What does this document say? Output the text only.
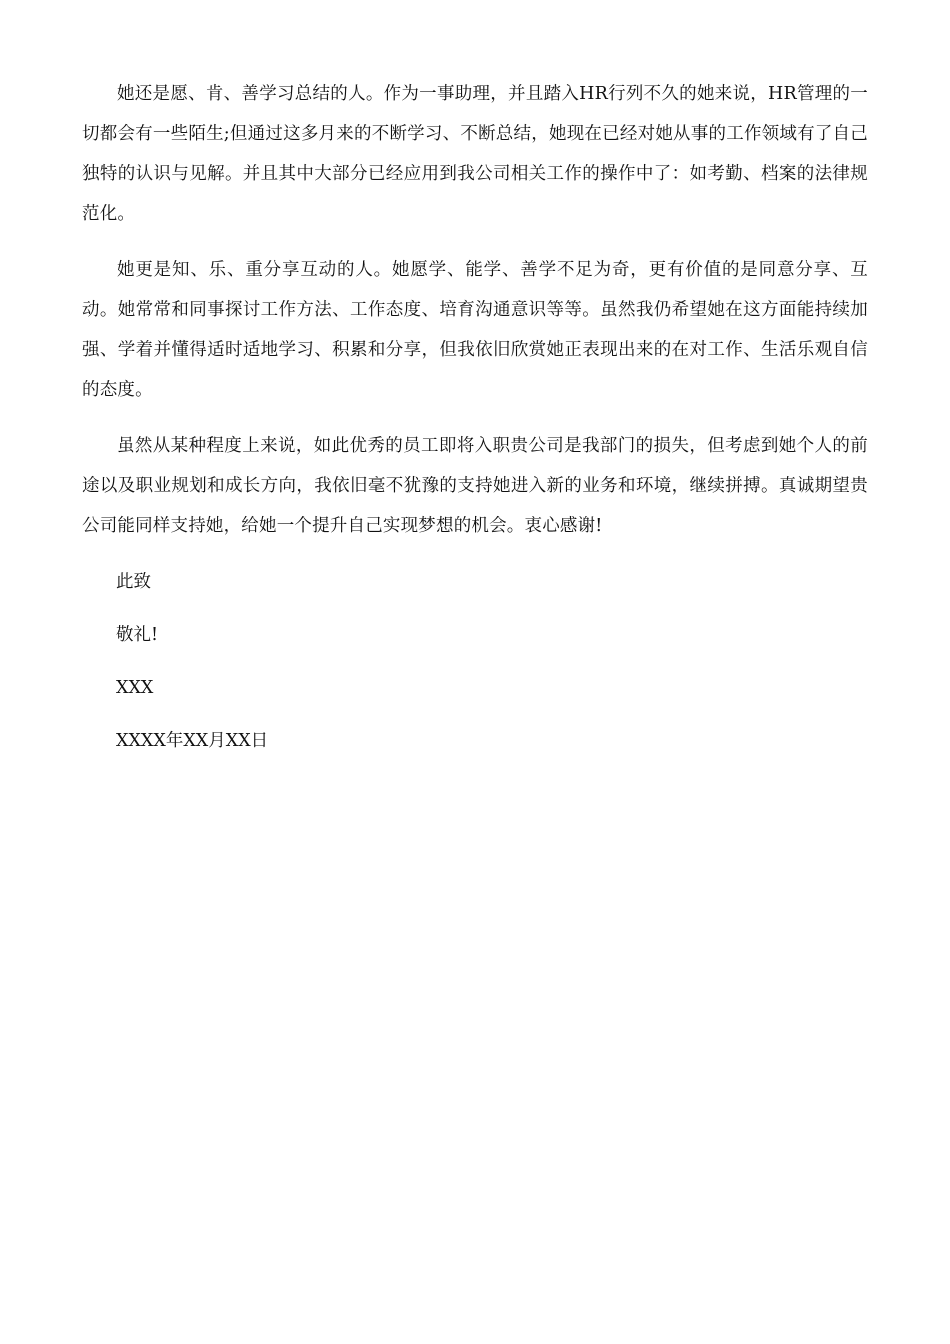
她还是愿、肯、善学习总结的人。作为一事助理，并且踏入HR行列不久的她来说，HR管理的一切都会有一些陌生;但通过这多月来的不断学习、不断总结，她现在已经对她从事的工作领域有了自己独特的认识与见解。并且其中大部分已经应用到我公司相关工作的操作中了：如考勤、档案的法律规范化。

她更是知、乐、重分享互动的人。她愿学、能学、善学不足为奇，更有价值的是同意分享、互动。她常常和同事探讨工作方法、工作态度、培育沟通意识等等。虽然我仍希望她在这方面能持续加强、学着并懂得适时适地学习、积累和分享，但我依旧欣赏她正表现出来的在对工作、生活乐观自信的态度。

虽然从某种程度上来说，如此优秀的员工即将入职贵公司是我部门的损失，但考虑到她个人的前途以及职业规划和成长方向，我依旧毫不犹豫的支持她进入新的业务和环境，继续拼搏。真诚期望贵公司能同样支持她，给她一个提升自己实现梦想的机会。衷心感谢!

此致

敬礼!

XXX

XXXX年XX月XX日
